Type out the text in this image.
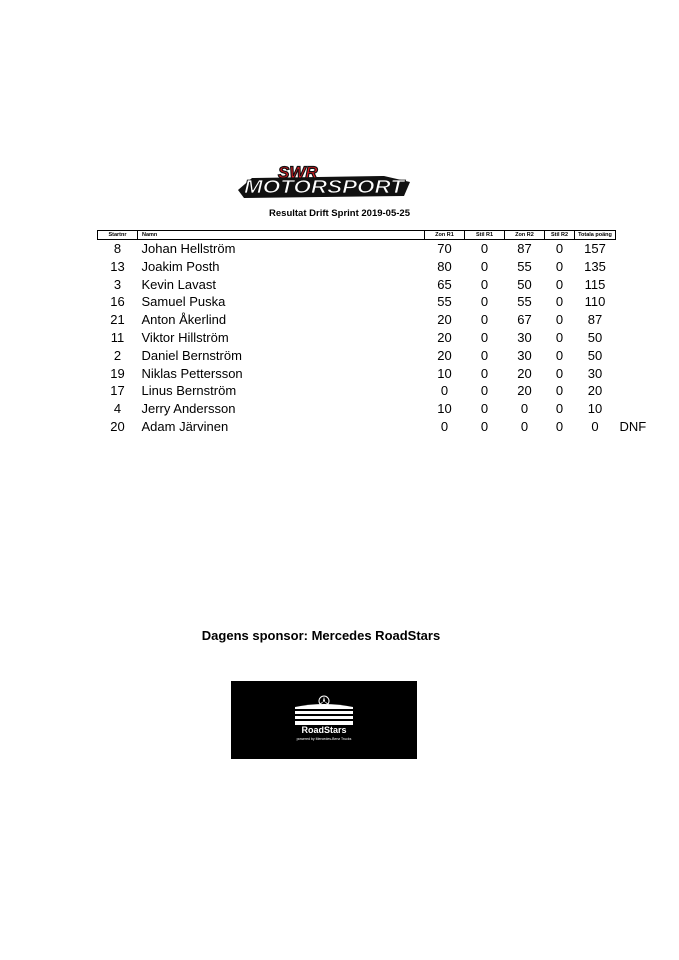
SWR
MOTORSPORT
Resultat Drift Sprint 2019-05-25
Startnr	Namn	Zon R1	Stil R1	Zon R2	Stil R2	Totala poäng	
8	Johan Hellström	70	0	87	0	157	
13	Joakim Posth	80	0	55	0	135	
3	Kevin Lavast	65	0	50	0	115	
16	Samuel Puska	55	0	55	0	110	
21	Anton Åkerlind	20	0	67	0	87	
11	Viktor Hillström	20	0	30	0	50	
2	Daniel Bernström	20	0	30	0	50	
19	Niklas Pettersson	10	0	20	0	30	
17	Linus Bernström	0	0	20	0	20	
4	Jerry Andersson	10	0	0	0	10	
20	Adam Järvinen	0	0	0	0	0	DNF
Dagens sponsor: Mercedes RoadStars
RoadStars
powered by Mercedes-Benz Trucks
